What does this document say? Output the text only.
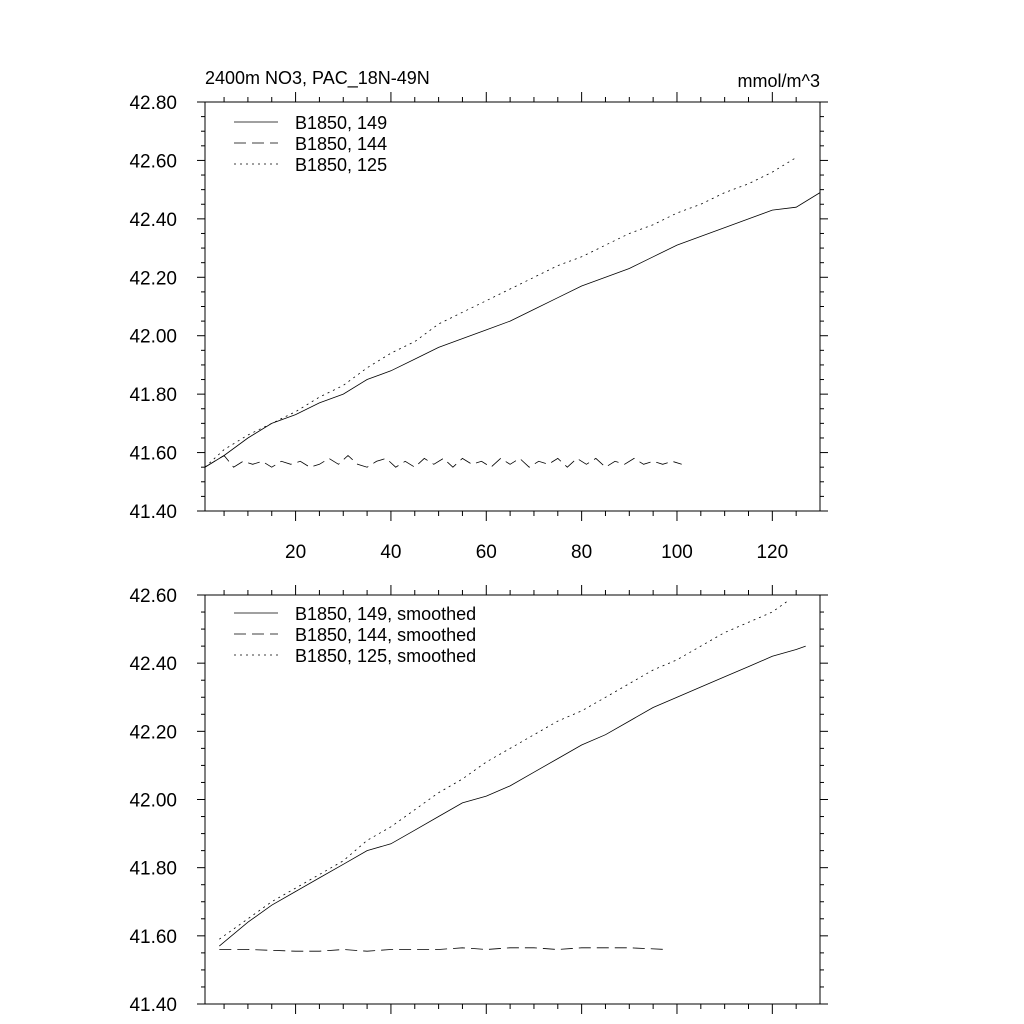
41.40
41.60
41.80
42.00
42.20
42.40
42.60
42.80
20	40	60	80	100	120
2400m NO3, PAC_18N-49N	mmol/m^3
B1850, 149
B1850, 144
B1850, 125
41.40
41.60
41.80
42.00
42.20
42.40
42.60
B1850, 149, smoothed
B1850, 144, smoothed
B1850, 125, smoothed
